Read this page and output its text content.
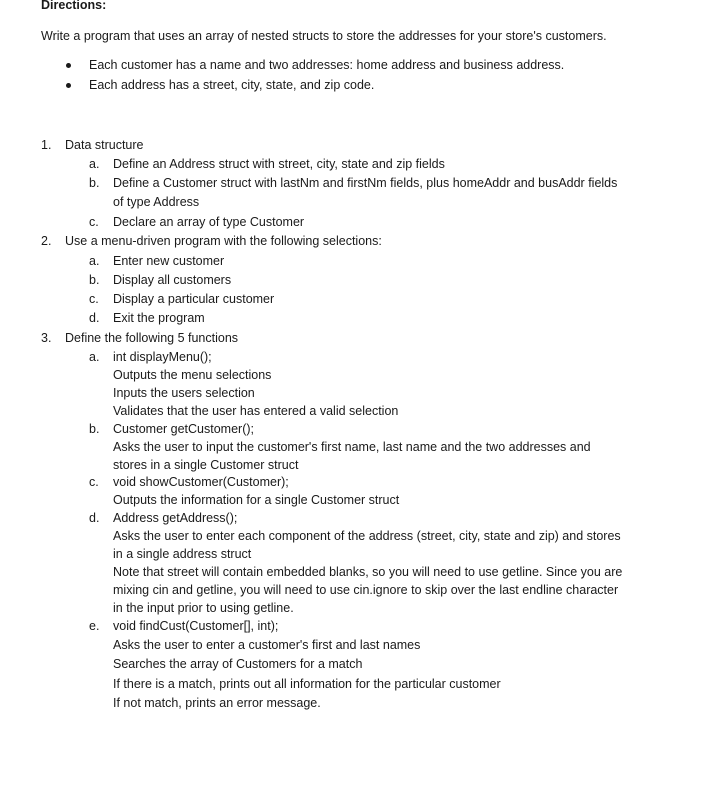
Directions:
Write a program that uses an array of nested structs to store the addresses for your store's customers.
Each customer has a name and two addresses: home address and business address.
Each address has a street, city, state, and zip code.
1.	Data structure
a. Define an Address struct with street, city, state and zip fields
b. Define a Customer struct with lastNm and firstNm fields, plus homeAddr and busAddr fields
of type Address
c. Declare an array of type Customer
2.	Use a menu-driven program with the following selections:
a. Enter new customer
b. Display all customers
c. Display a particular customer
d. Exit the program
3.	Define the following 5 functions
a. int displayMenu();
Outputs the menu selections
Inputs the users selection
Validates that the user has entered a valid selection
b. Customer getCustomer();
Asks the user to input the customer's first name, last name and the two addresses and
stores in a single Customer struct
c. void showCustomer(Customer);
Outputs the information for a single Customer struct
d. Address getAddress();
Asks the user to enter each component of the address (street, city, state and zip) and stores
in a single address struct
Note that street will contain embedded blanks, so you will need to use getline. Since you are
mixing cin and getline, you will need to use cin.ignore to skip over the last endline character
in the input prior to using getline.
e. void findCust(Customer[], int);
Asks the user to enter a customer's first and last names
Searches the array of Customers for a match
If there is a match, prints out all information for the particular customer
If not match, prints an error message.
